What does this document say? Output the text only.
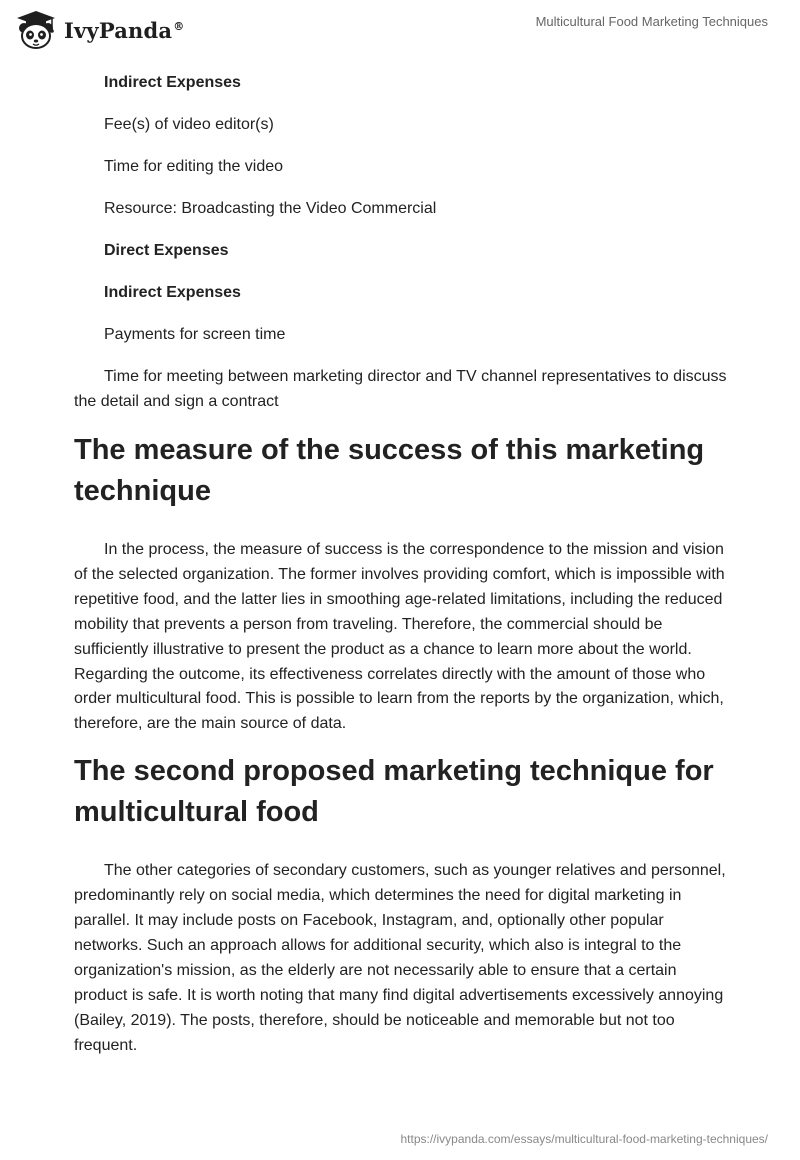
IvyPanda®	Multicultural Food Marketing Techniques

Indirect Expenses

Fee(s) of video editor(s)

Time for editing the video

Resource: Broadcasting the Video Commercial

Direct Expenses

Indirect Expenses

Payments for screen time

Time for meeting between marketing director and TV channel representatives to discuss the detail and sign a contract

The measure of the success of this marketing technique

In the process, the measure of success is the correspondence to the mission and vision of the selected organization. The former involves providing comfort, which is impossible with repetitive food, and the latter lies in smoothing age-related limitations, including the reduced mobility that prevents a person from traveling. Therefore, the commercial should be sufficiently illustrative to present the product as a chance to learn more about the world. Regarding the outcome, its effectiveness correlates directly with the amount of those who order multicultural food. This is possible to learn from the reports by the organization, which, therefore, are the main source of data.

The second proposed marketing technique for multicultural food

The other categories of secondary customers, such as younger relatives and personnel, predominantly rely on social media, which determines the need for digital marketing in parallel. It may include posts on Facebook, Instagram, and, optionally other popular networks. Such an approach allows for additional security, which also is integral to the organization's mission, as the elderly are not necessarily able to ensure that a certain product is safe. It is worth noting that many find digital advertisements excessively annoying (Bailey, 2019). The posts, therefore, should be noticeable and memorable but not too frequent.

https://ivypanda.com/essays/multicultural-food-marketing-techniques/
